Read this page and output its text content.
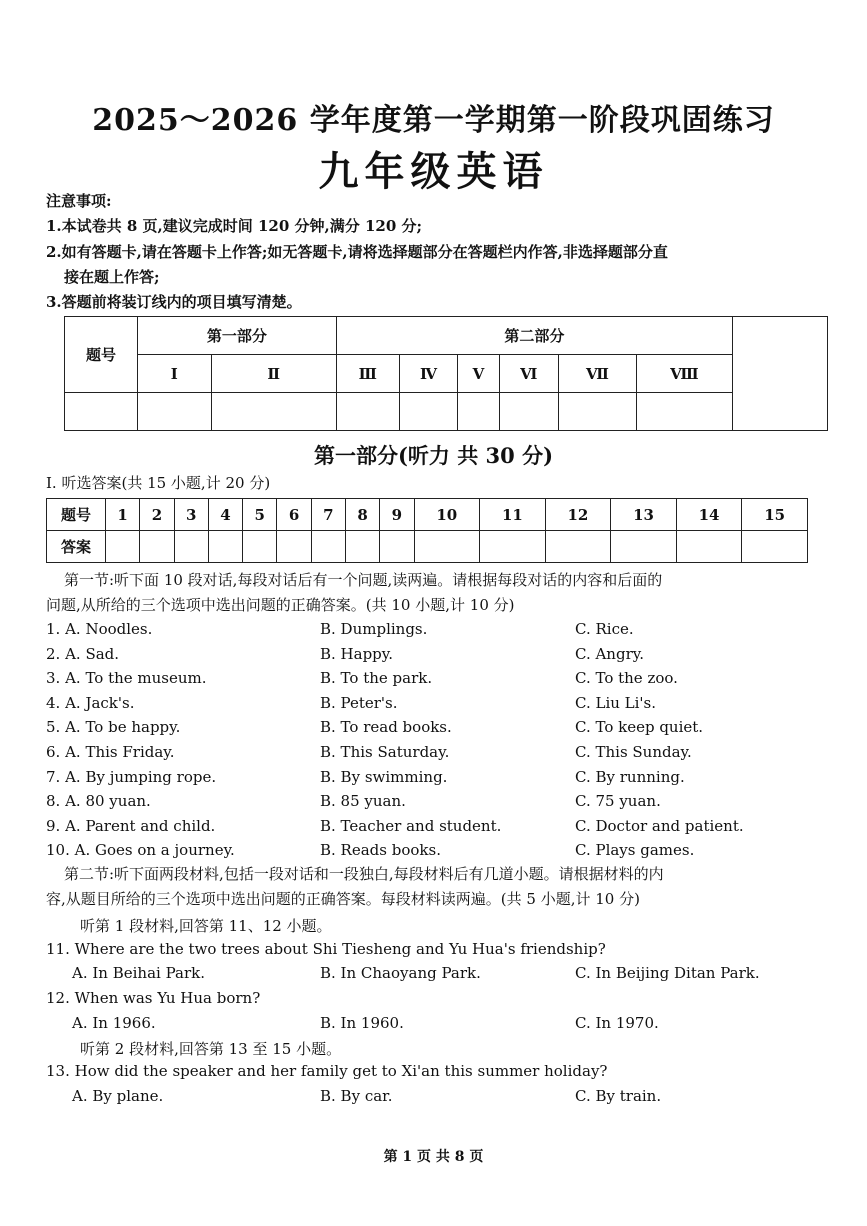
2025～2026 学年度第一学期第一阶段巩固练习
九年级英语
注意事项:
1.本试卷共 8 页,建议完成时间 120 分钟,满分 120 分;
2.如有答题卡,请在答题卡上作答;如无答题卡,请将选择题部分在答题栏内作答,非选择题部分直
接在题上作答;
3.答题前将装订线内的项目填写清楚。
题号	第一部分		第二部分						
	Ⅰ	Ⅱ	Ⅲ	Ⅳ	Ⅴ	Ⅵ	Ⅶ	Ⅷ	

第一部分(听力 共 30 分)
Ⅰ. 听选答案(共 15 小题,计 20 分)
题号	1	2	3	4	5	6	7	8	9	10	11	12	13	14	15
答案															
第一节:听下面 10 段对话,每段对话后有一个问题,读两遍。请根据每段对话的内容和后面的
问题,从所给的三个选项中选出问题的正确答案。(共 10 小题,计 10 分)
1. A. Noodles.	B. Dumplings.	C. Rice.
2. A. Sad.	B. Happy.	C. Angry.
3. A. To the museum.	B. To the park.	C. To the zoo.
4. A. Jack's.	B. Peter's.	C. Liu Li's.
5. A. To be happy.	B. To read books.	C. To keep quiet.
6. A. This Friday.	B. This Saturday.	C. This Sunday.
7. A. By jumping rope.	B. By swimming.	C. By running.
8. A. 80 yuan.	B. 85 yuan.	C. 75 yuan.
9. A. Parent and child.	B. Teacher and student.	C. Doctor and patient.
10. A. Goes on a journey.	B. Reads books.	C. Plays games.
第二节:听下面两段材料,包括一段对话和一段独白,每段材料后有几道小题。请根据材料的内
容,从题目所给的三个选项中选出问题的正确答案。每段材料读两遍。(共 5 小题,计 10 分)
听第 1 段材料,回答第 11、12 小题。
11. Where are the two trees about Shi Tiesheng and Yu Hua's friendship?
A. In Beihai Park.	B. In Chaoyang Park.	C. In Beijing Ditan Park.
12. When was Yu Hua born?
A. In 1966.	B. In 1960.	C. In 1970.
听第 2 段材料,回答第 13 至 15 小题。
13. How did the speaker and her family get to Xi'an this summer holiday?
A. By plane.	B. By car.	C. By train.
第 1 页 共 8 页
